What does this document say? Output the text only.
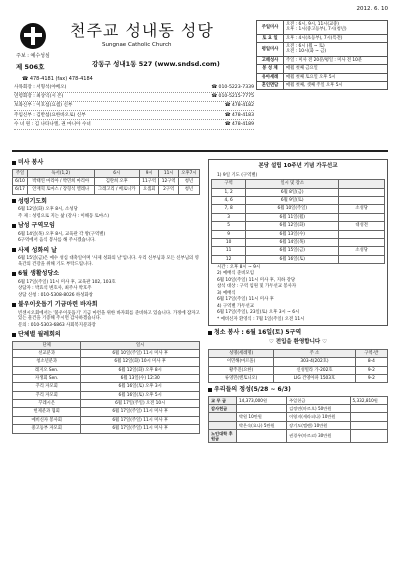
2012. 6. 10
천주교 성내동 성당
Sungnae Catholic Church
주보 : 예수성심
제 506호	강동구 성내1동 527 (www.sndsd.com)
☎ 478-4181 (fax) 478-4184
사목회장 : 서형석(야베오)	☎ 010-5223-7339
연령회장 : 최상익(시 몬)	☎ 010-5215-7775
보좌신부 : 이호섭(요셉) 신부	☎ 478-4182
주임신부 : 김반섭(요한바오로) 신부	☎ 478-4183
수 녀 원 : 김 나타나엘, 권 마니아 수녀	☎ 478-4189
주일미사	오전 : 6시, 9시, 11시(교중)
오후 : 1시(중고등부), 7시(청년)
토 요 일	오후 : 4시(초등부), 7시(특전)
평일미사	오전 : 6시 (월 ~ 토)
오전 : 10시(화 ~ 금)
고해성사	주일 : 미사 전 20분/평일 : 미사 전 10분
봉 성 체	매월 첫째 금요일
유아세례	매월 첫째 토요일 오후 5시
혼인면담	매월 첫째, 셋째 주일 오후 5시
미사 봉사
주일	독서(1,2)	6시	9시	11시	오후7시
6/10	박태연 마리아 / 박민희 마리아	김란희 오후	11구역	12구역	청년
6/17	안재혁 토마스 / 장형석 엘레나	그레고리 / 베로니카	요셉회	2구역	청년
성령기도회
6월 12일(화) 오후 8시, 소성당
주 제 : 성령으로 지는 삶 (강사 : 이해동 토마스)
남성 구역모임
6월 14일(목) 오후 8시, 교육관 각 방(구역별)
6구역에서 음식 봉사를 해 주시겠습니다.
사제 성화의 날
6월 15일(금)은 예수 성심 대축일이며 '사제 성화의 날'입니다. 우리 신부님과 모든 신부님의 영육간의 건강을 위해 기도 부탁드립니다.
6월 생활성당소
6월 17일(주일) 11시 미사 후, 교육관 102, 103호
상담자 : 박효석 변호사, 최주사 박호주
상담 신청 : 010-5308-8026 하성화창
불우이웃돕기 기금마련 바자회
빈센시오회에서는 '불우이웃돕기' 기금 마련을 위한 바자회를 준비하고 있습니다. 가정에 잠자고 있는 물건을 기증해 주시면 감사하겠습니다.
문의 : 010-5303-6863 사회복지분과장
단체별 월례회의
단체	일시
선교분과	6월 10일(주일) 11시 미사 후
청소년분과	6월 12일(화) 10시 미사 후
레지오 Sen.	6월 12일(화) 오후 8시
자생회 Sen.	6월 13일(수) 12:30
꾸리 자모회	6월 16일(토) 오후 3시
꾸리 자모회	6월 16일(토) 오후 5시
꾸레시온	6월 17일(주일) 오전 10시
헌제분과 협회	6월 17일(주일) 11시 미사 후
예비신자 봉사회	6월 17일(주일) 11시 미사 후
중고등부 자모회	6월 17일(주일) 11시 미사 후
본당 설립 10주년 기념 가두선교
1) 9일 기도 (구역별)
구역	일시 및 장소	
1, 2	6월 8일(금)	
4, 6	6월 9일(토)	
7, 8	6월 10일(주일)	소성당
3	6월 11일(월)	
5	6월 12일(화)	대성전
9	6월 13일(수)	
10	6월 14일(목)	
11	6월 15일(금)	소성당
12	6월 16일(토)	
시간 : 오후 8시 ~ 9시
2) 예배식 준비모임
6월 10일(주일) 11시 미사 후, 지하 강당
참석 대상 : 구역 임원 및 가두선교 봉사자
3) 예배식
6월 17일(주일) 11시 미사 후
4) 구역별 가두선교
6월 17일(주일), 23일(토) 오후 3시 ~ 6시
* 예비신자 환영식 : 7월 1일(주일) 오전 11시
청소 봉사 : 6월 16일(토) 5구역
♡ 전입을 환영합니다 ♡
성명(세례명)	주 소	구역-반
이민해(마르올)	303-4(202호)	8-4
황주진(요한)	신성빌라 가-202호	9-2
류영민(엔토니오)	LIG 건영아파 1503호	9-2
우리들의 정성(5/28 ~ 6/3)
교 무 금	14,373,000원	주일헌금	5,332,810원
감사헌금		김정연(마르오) 50만원	
	박원 10만원	이영지(세라피나) 10만원	
	박은숙(요나) 5만원	장기도(엘렌) 10만원	
노인대학 후원금		권경우(마르코) 30만원	
